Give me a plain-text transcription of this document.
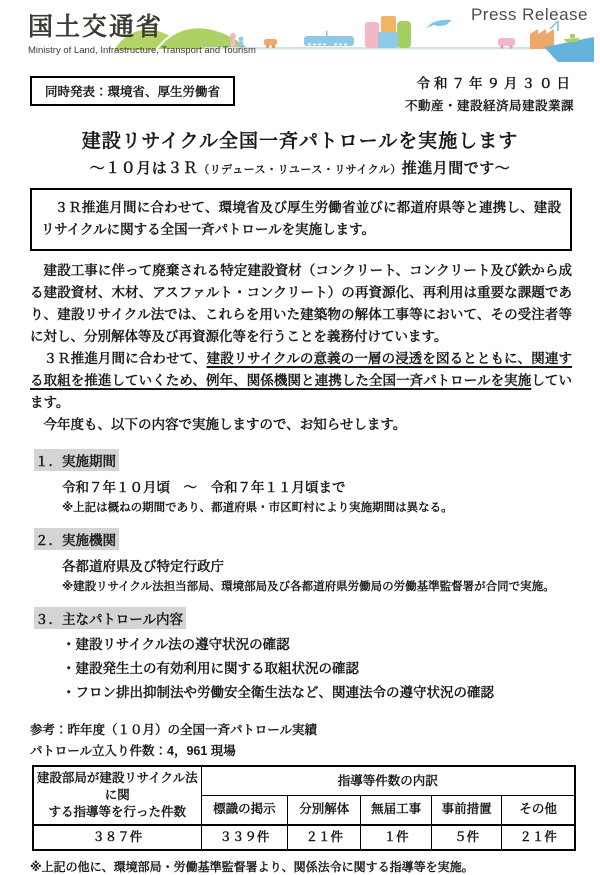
国土交通省
Ministry of Land, Infrastructure, Transport and Tourism
Press Release
同時発表：環境省、厚生労働省
令和７年９月３０日
不動産・建設経済局建設業課
建設リサイクル全国一斉パトロールを実施します
～１０月は３Ｒ（リデュース・リユース・リサイクル）推進月間です～
３Ｒ推進月間に合わせて、環境省及び厚生労働省並びに都道府県等と連携し、建設リサイクルに関する全国一斉パトロールを実施します。

建設工事に伴って廃棄される特定建設資材（コンクリート、コンクリート及び鉄から成る建設資材、木材、アスファルト・コンクリート）の再資源化、再利用は重要な課題であり、建設リサイクル法では、これらを用いた建築物の解体工事等において、その受注者等に対し、分別解体等及び再資源化等を行うことを義務付けています。

３Ｒ推進月間に合わせて、建設リサイクルの意義の一層の浸透を図るとともに、関連する取組を推進していくため、例年、関係機関と連携した全国一斉パトロールを実施しています。

今年度も、以下の内容で実施しますので、お知らせします。

１．実施期間
令和７年１０月頃　～　令和７年１１月頃まで
※上記は概ねの期間であり、都道府県・市区町村により実施期間は異なる。
２．実施機関
各都道府県及び特定行政庁
※建設リサイクル法担当部局、環境部局及び各都道府県労働局の労働基準監督署が合同で実施。
３．主なパトロール内容
・建設リサイクル法の遵守状況の確認
・建設発生土の有効利用に関する取組状況の確認
・フロン排出抑制法や労働安全衛生法など、関連法令の遵守状況の確認
参考：昨年度（１０月）の全国一斉パトロール実績
パトロール立入り件数：4，961 現場
建設部局が建設リサイクル法に関
する指導等を行った件数	指導等件数の内訳				
	標識の掲示	分別解体	無届工事	事前措置	その他
３８７件	３３９件	２１件	１件	５件	２１件
※上記の他に、環境部局・労働基準監督署より、関係法令に関する指導等を実施。
